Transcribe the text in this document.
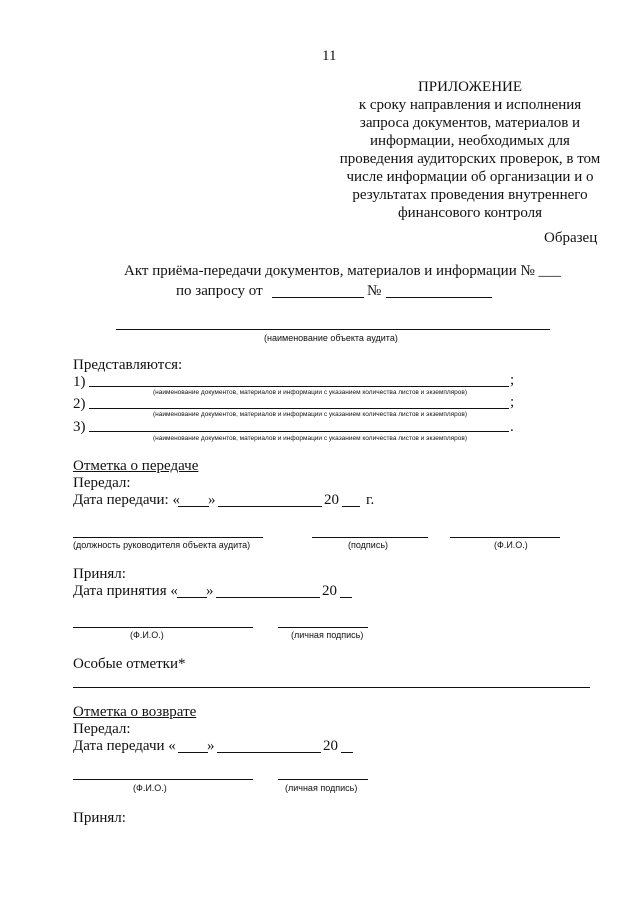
11
ПРИЛОЖЕНИЕ
к сроку направления и исполнения
запроса документов, материалов и
информации, необходимых для
проведения аудиторских проверок, в том
числе информации об организации и о
результатах проведения внутреннего
финансового контроля
Образец
Акт приёма-передачи документов, материалов и информации № ___
по запросу от	№
(наименование объекта аудита)
Представляются:
1)	;
(наименование документов, материалов и информации с указанием количества листов и экземпляров)
2)	;
(наименование документов, материалов и информации с указанием количества листов и экземпляров)
3)	.
(наименование документов, материалов и информации с указанием количества листов и экземпляров)
Отметка о передаче
Передал:
Дата передачи: « »	20 г.
(должность руководителя объекта аудита)	(подпись)	(Ф.И.О.)
Принял:
Дата принятия « »	20
(Ф.И.О.)	(личная подпись)
Особые отметки*
Отметка о возврате
Передал:
Дата передачи « »	20
(Ф.И.О.)	(личная подпись)
Принял:
